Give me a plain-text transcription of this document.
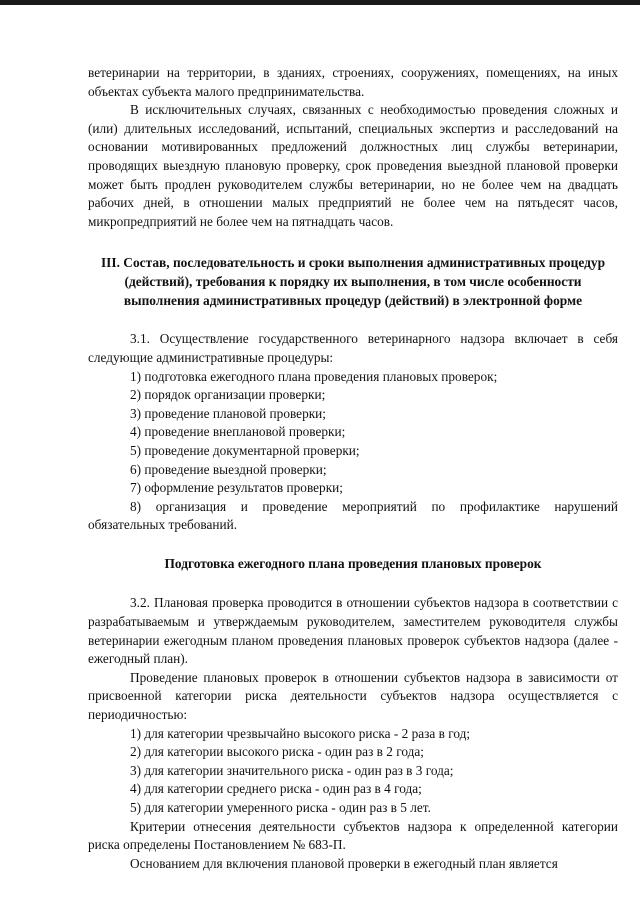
ветеринарии на территории, в зданиях, строениях, сооружениях, помещениях, на иных объектах субъекта малого предпринимательства.

В исключительных случаях, связанных с необходимостью проведения сложных и (или) длительных исследований, испытаний, специальных экспертиз и расследований на основании мотивированных предложений должностных лиц службы ветеринарии, проводящих выездную плановую проверку, срок проведения выездной плановой проверки может быть продлен руководителем службы ветеринарии, но не более чем на двадцать рабочих дней, в отношении малых предприятий не более чем на пятьдесят часов, микропредприятий не более чем на пятнадцать часов.

III. Состав, последовательность и сроки выполнения административных процедур (действий), требования к порядку их выполнения, в том числе особенности выполнения административных процедур (действий) в электронной форме

3.1. Осуществление государственного ветеринарного надзора включает в себя следующие административные процедуры:

1) подготовка ежегодного плана проведения плановых проверок;

2) порядок организации проверки;

3) проведение плановой проверки;

4) проведение внеплановой проверки;

5) проведение документарной проверки;

6) проведение выездной проверки;

7) оформление результатов проверки;

8) организация и проведение мероприятий по профилактике нарушений обязательных требований.

Подготовка ежегодного плана проведения плановых проверок

3.2. Плановая проверка проводится в отношении субъектов надзора в соответствии с разрабатываемым и утверждаемым руководителем, заместителем руководителя службы ветеринарии ежегодным планом проведения плановых проверок субъектов надзора (далее - ежегодный план).

Проведение плановых проверок в отношении субъектов надзора в зависимости от присвоенной категории риска деятельности субъектов надзора осуществляется с периодичностью:

1) для категории чрезвычайно высокого риска - 2 раза в год;

2) для категории высокого риска - один раз в 2 года;

3) для категории значительного риска - один раз в 3 года;

4) для категории среднего риска - один раз в 4 года;

5) для категории умеренного риска - один раз в 5 лет.

Критерии отнесения деятельности субъектов надзора к определенной категории риска определены Постановлением № 683-П.

Основанием для включения плановой проверки в ежегодный план является
